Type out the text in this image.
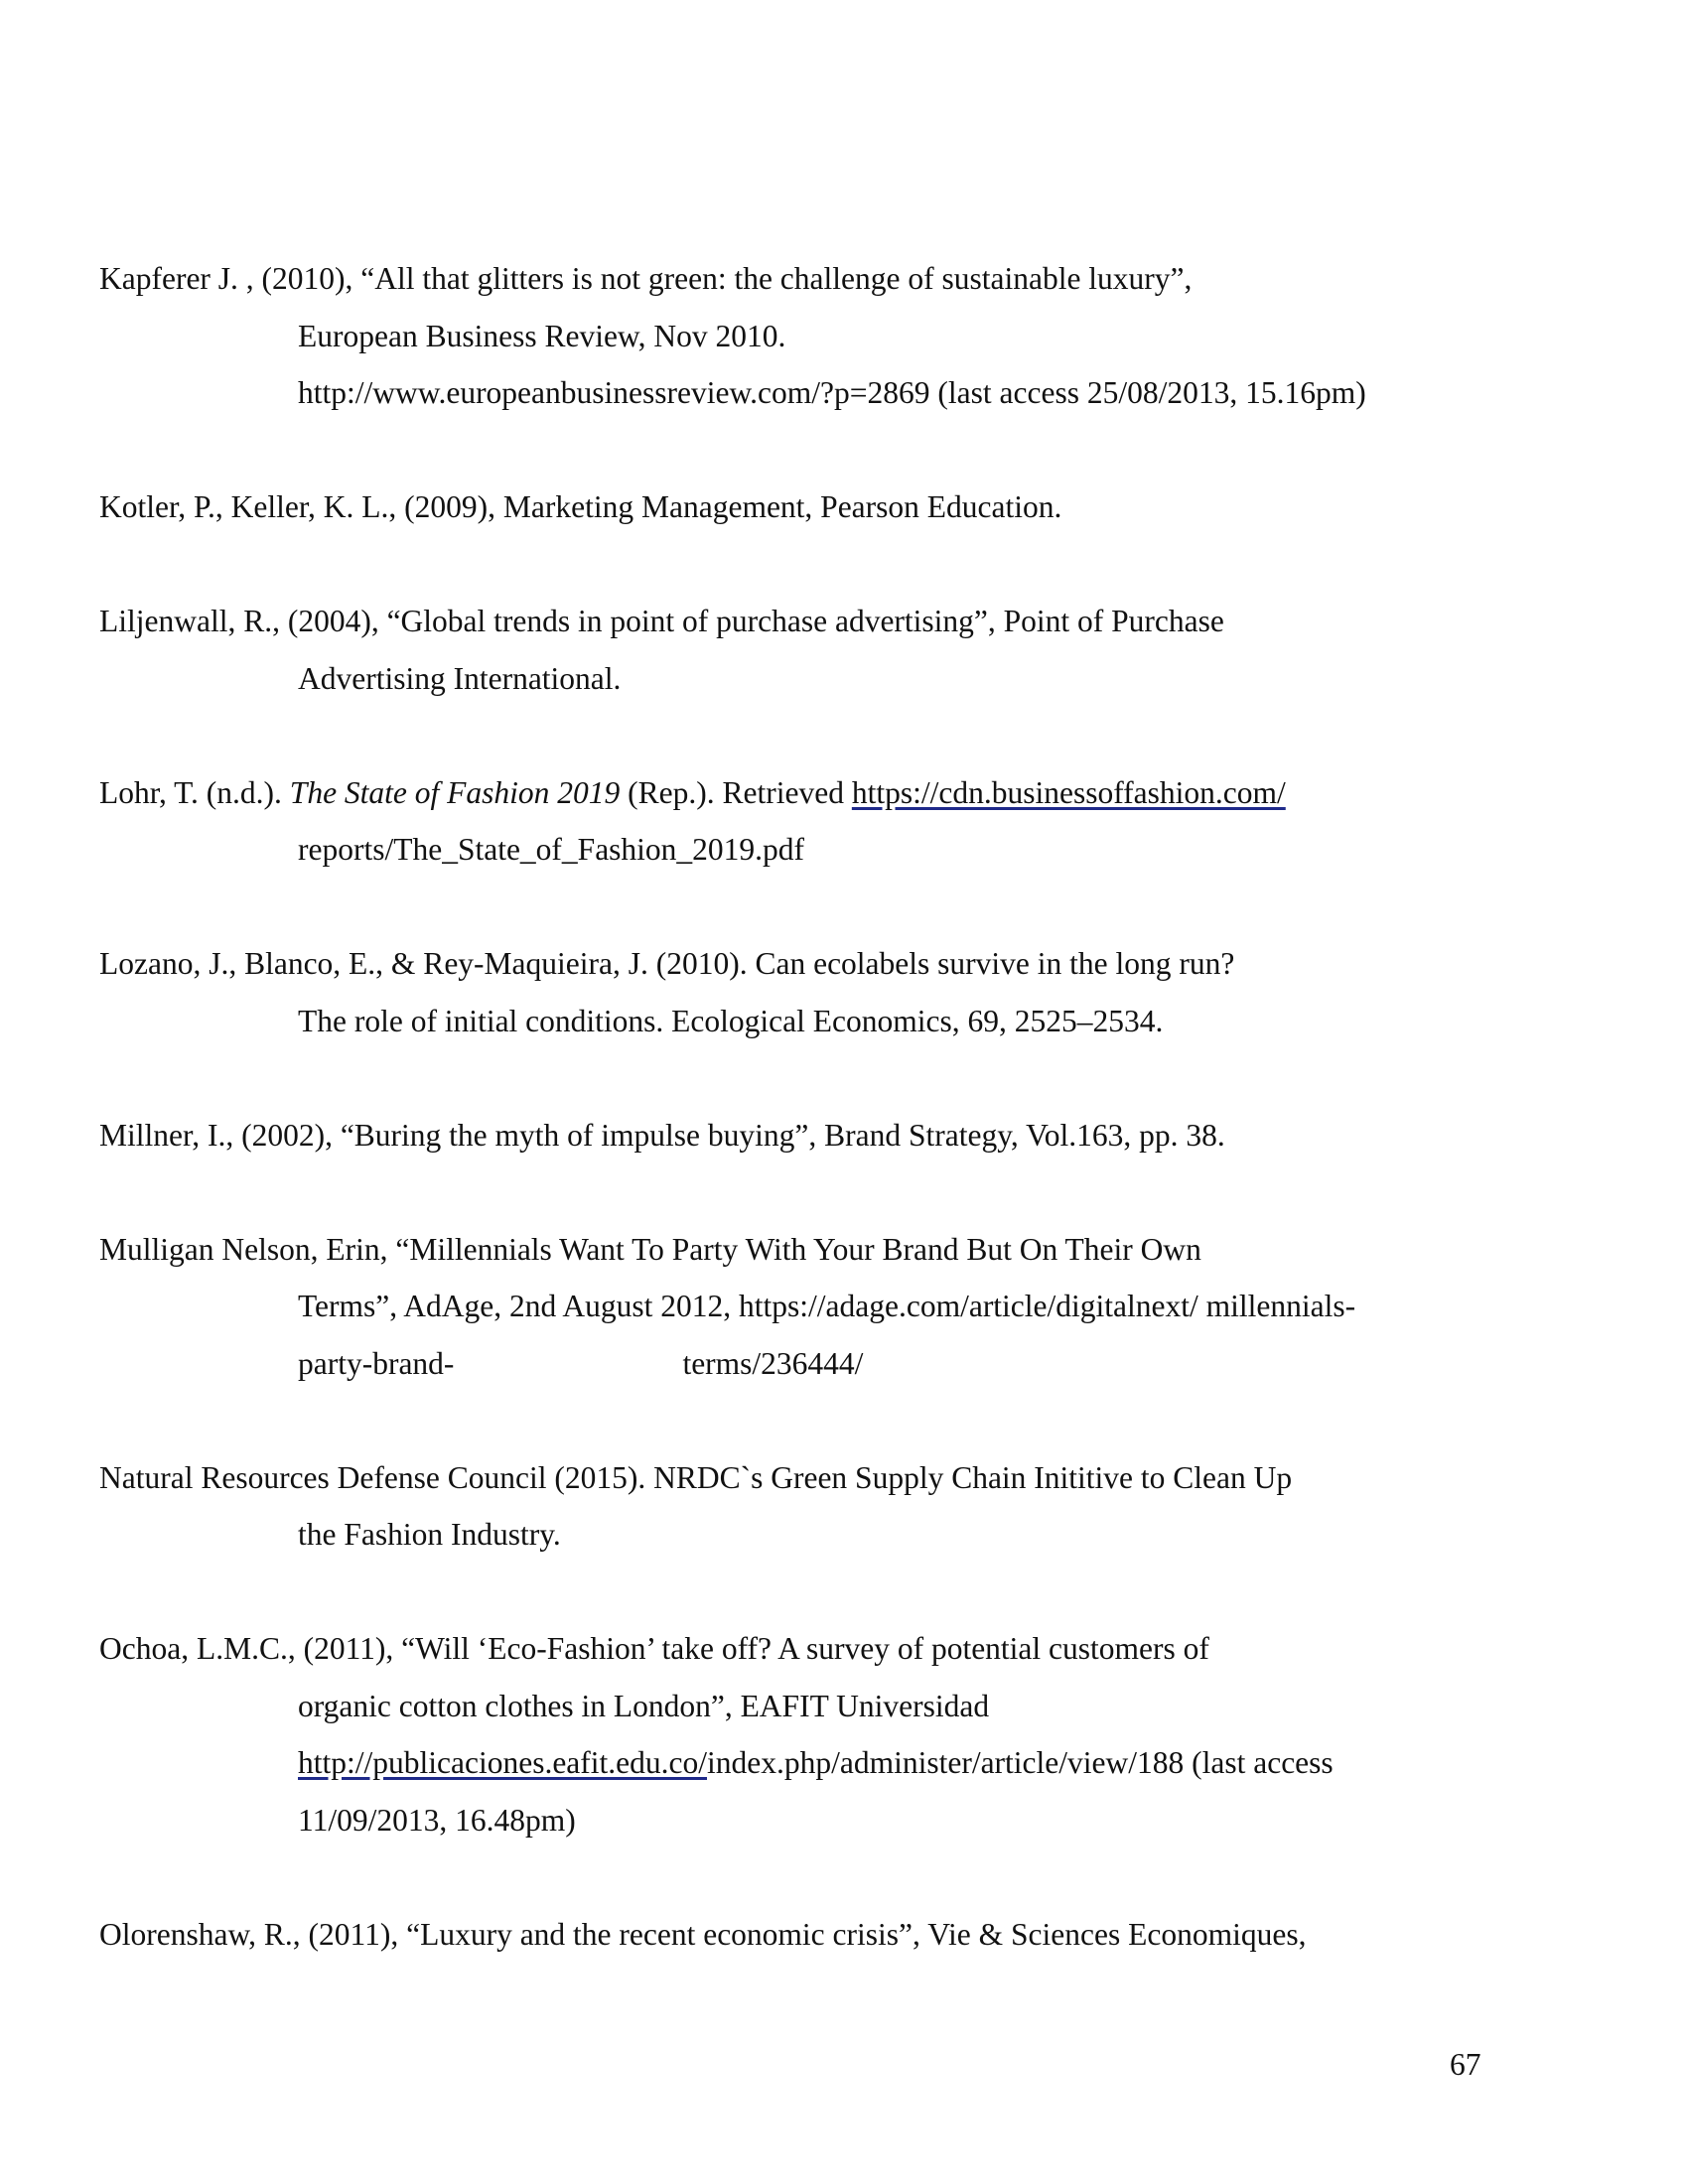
Kapferer J. , (2010), “All that glitters is not green: the challenge of sustainable luxury”,
European Business Review, Nov 2010.
http://www.europeanbusinessreview.com/?p=2869 (last access 25/08/2013, 15.16pm)
Kotler, P., Keller, K. L., (2009), Marketing Management, Pearson Education.
Liljenwall, R., (2004), “Global trends in point of purchase advertising”, Point of Purchase
Advertising International.
Lohr, T. (n.d.). The State of Fashion 2019 (Rep.). Retrieved https://cdn.businessoffashion.com/
reports/The_State_of_Fashion_2019.pdf
Lozano, J., Blanco, E., & Rey-Maquieira, J. (2010). Can ecolabels survive in the long run?
The role of initial conditions. Ecological Economics, 69, 2525–2534.
Millner, I., (2002), “Buring the myth of impulse buying”, Brand Strategy, Vol.163, pp. 38.
Mulligan Nelson, Erin, “Millennials Want To Party With Your Brand But On Their Own
Terms”, AdAge, 2nd August 2012, https://adage.com/article/digitalnext/ millennials-
party-brand-	terms/236444/
Natural Resources Defense Council (2015). NRDC`s Green Supply Chain Inititive to Clean Up
the Fashion Industry.
Ochoa, L.M.C., (2011), “Will ‘Eco-Fashion’ take off? A survey of potential customers of
organic cotton clothes in London”, EAFIT Universidad
http://publicaciones.eafit.edu.co/index.php/administer/article/view/188 (last access
11/09/2013, 16.48pm)
Olorenshaw, R., (2011), “Luxury and the recent economic crisis”, Vie & Sciences Economiques,
67
